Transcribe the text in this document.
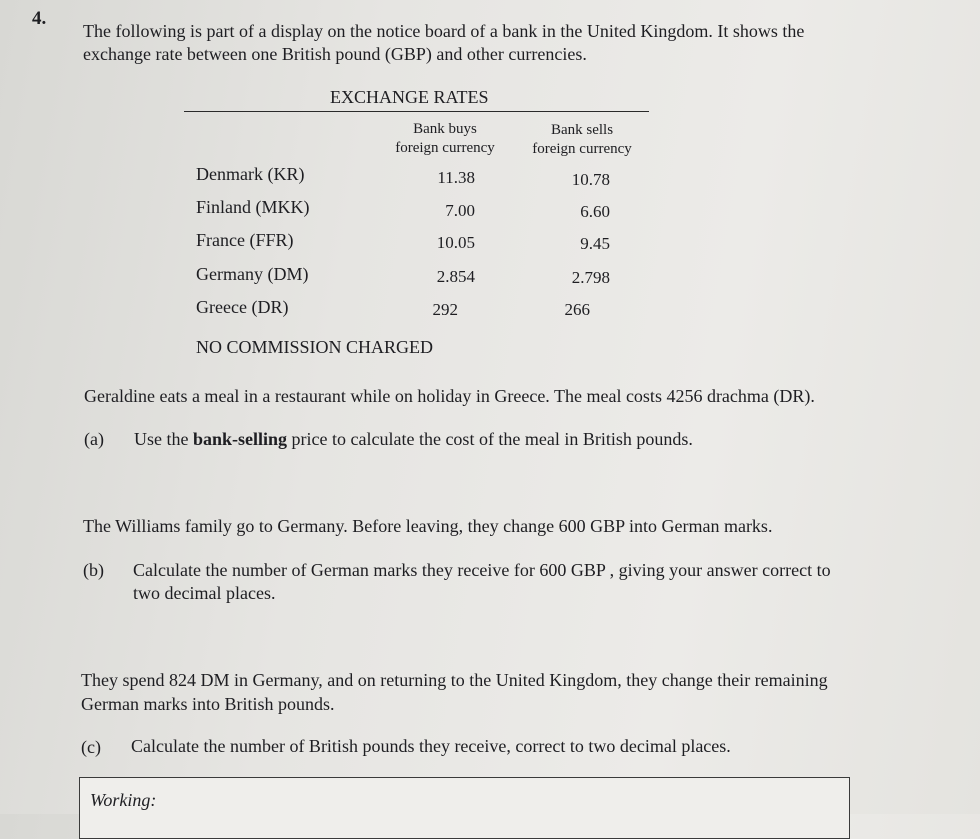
4.
The following is part of a display on the notice board of a bank in the United Kingdom. It shows the
exchange rate between one British pound (GBP) and other currencies.
EXCHANGE RATES
Bank buys
foreign currency
Bank sells
foreign currency
Denmark (KR)	11.38	10.78
Finland (MKK)	7.00	6.60
France (FFR)	10.05	9.45
Germany (DM)	2.854	2.798
Greece (DR)	292	266
NO COMMISSION CHARGED
Geraldine eats a meal in a restaurant while on holiday in Greece. The meal costs 4256 drachma (DR).
(a) Use the bank-selling price to calculate the cost of the meal in British pounds.
The Williams family go to Germany. Before leaving, they change 600 GBP into German marks.
(b) Calculate the number of German marks they receive for 600 GBP , giving your answer correct to
two decimal places.
They spend 824 DM in Germany, and on returning to the United Kingdom, they change their remaining
German marks into British pounds.
(c) Calculate the number of British pounds they receive, correct to two decimal places.
Working:
